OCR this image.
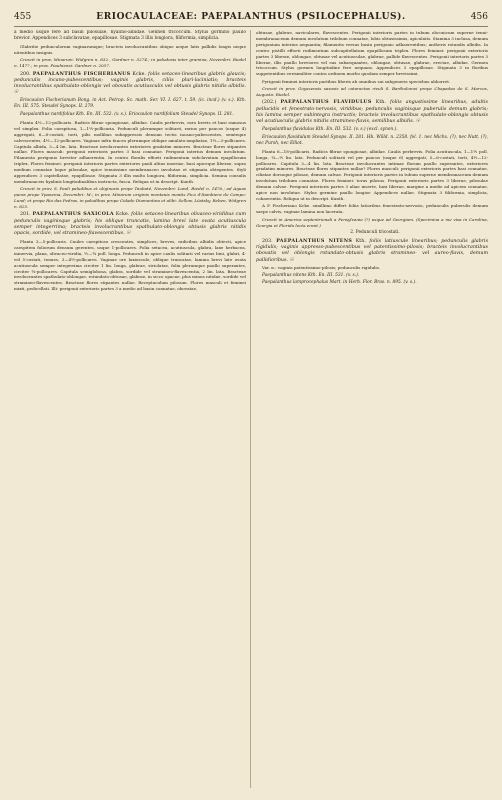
455	ERIOCAULACEAE: PAEPALANTHUS (PSILOCEPHALUS).	456

a medio usque fere ad basin pilosulae, hyalino-albidae. Genhen tricoccum. Stylus gormino pauilo brevior. Appendices 3 subclavatae, epapillosae. Stigmata 3 illis longiora, filiformia, simplicia.

Glabritie pedunculorum vaginarumque; bracteis involucrantibus obique aeque latis pallidis longis neque nitentibus insignis.

Crescit in prov. Minarum: Widgren n. 832., Gardner n. 5274.; in paludosis inter gramina, Novembri: Riedel n. 1477.; in prov. Piauhiensi: Gardner n. 2057.

200. PAEPALANTHUS FISCHERIANUS Kcke. foliis setaceo-linearibus glabris glaucis; pedunculis incano-pubescentibus; vaginis glabris, ciliis pluri-laciniatis; bracteis involucrantibus spathulato-oblongis vel obovatis acutiusculis vel obtusis glabris nitidis albidis. ☉

Eriocaulon Fischerianum Bong. in Act. Petrop. Sc. math. Ser. VI. I. 627. t. 59. (ic. incd.) (v. s.). Kth. En. III. 575. Steudel Synops. II. 279.

Paepalanthus nardifolius Kth. En. III. 532. (v. s.). Eriocaulon nardifolium Steudel Synops. II. 281.

Planta 4½—12-pollicaris. Radicis fibrae spongiosae, albidae. Caulis perbrevis, raro brevis et basi ramosus vel simplex. Folia caespitosa, 1—1½-pollicaria. Pedunculi plerumque solitarii, rarius per paucos (usque 4) aggregati, 6—8-costati, torti, pilis mollibus subappressis densum tectis incano-pubescentes, semteque calvescentes, 4½—12-pollicares. Vaginae infra fauces plerumque oblique amulato-ampliatae, 1½—3-pollicares. Capitula albida, 3—4 lin. lata. Bracteae involucrantes exteriores gradatim minores. Bracteae flores stipantes nullae. Flores masculi: perigonii exterioris partes 3 basi connatae. Perigonii interius demum involutum. Filamenta perigonio breviter adhaerentia. In centro floralis effoeti rudimentum subclavatum epapillosum triplex. Flores feminei: perigonii interioris partes exteriores pauli altius inseriae, basi apiceque liberae, supra medium connatae loque pilosulae, apice tenuissime membranaceo involutae et stigmata obtegentes. Styli appendices 3 capitellatae, epapillosae. Stigmata 3 illis multo longiora, filiformia, simplicia. Semina consulis membranaceis hyalinis longitudinalibus instructa, fusca. Reliqua ut in descript. Kunth.

Crescit in prov. S. Pauli paludibus et uliginosis prope Taubaté, Novembri: Lund, Riedel n. 1476.; ad Aquas puras prope Ypanema, Decembri: M.; in prov. Minarum uriginis montanis montis Pico d'Itambiera do Campo: Lund; et prope Rio das Pedras, in paludibus prope Cidade Diamantina et alibi: Sellow, Lüstsky, Reben, Widgren n. 825.

201. PAEPALANTHUS SAXICOLA Kcke. foliis setaceo-linearibus olivaceo-viridibus cum pedunculis vaginisque glabris; his oblique truncatis, lamina brevi late ovata acutiuscula semper integerrima; bracteis involucrantibus spathulato-oblongis obtusis glabris nitidis opacis, sordide, vel stramineo-flavescentibus. ☉

Planta 3—5-pollicaris. Caules caespitoso crescentes, simplices, breves, radicibus albidis obtecti, apice caespitem foliorum densum gerentes, usque 1-pollicares. Folia setacea, acutiuscula, glabra, laxe herbacea, minervia, plana, olivaceo-viridia, ½—¾ poll. longa. Pedunculi in apice caulis solitarii vel rarius bini, glabri, 4- vel 5-costati, tenues, 3—4½-pollicares. Vaginae ore laxiuscule, oblique truncatae, lamina brevi late ovata acutiuscula semper integerrima circiter 1 lin. longa, glabrae, striolatae, folia plerumque paullo superantes, circiter ¾-pollicares. Capitula semiglobosa, glabra, sordide vel stramineo-flavescentia, 2 lin. lata. Bracteae involucrantes spathulato-oblongae, rotundato-obtusae, glabrae, in sicco opacae, plus minus nitidae, sordide vel stramineo-flavescentes. Bracteae flores stipantes nullae. Receptaculum pilosum. Flores masculi et feminei mixti, pedicellati. Illi: perigonii exterioris partes 3 a medio ad basin connatae, obovatae,

obtusae, glabrae, naviculares, flavescentes. Perigonii interioris partes in tubum obconicum superne tenui-membranaceum demum involutum trilobum connatae, lobis obtusissimis, apiculatis. Stamina 3 inclusa, demum perigonium interius aequantia; filamentis versus basin perigonio adhaerentibus; antheris rotundis albidis. In centro pistilli effoeti rudimentum subcapitellatum epapillosum triplex. Flores feminei: perigonii exterioris partes 3 liberae, oblongae, obtusae vel acutiusculae, glabrae, pallide flavescentes. Perigonii interioris partes 3 liberae, illis paullo breviores vel eas subaequantes, oblongae, obtusae, glabrae, erectae, albidae. Germen tricoccum. Stylus gormen longitudine fere aequans. Appendices 3 epapillosae. Stigmata 3 in floribus suppetentibus verisimiliter contra ordinem morbo quodam semper brevissimi.

Pyrigonii feminei interioris partibus liberis ab omnibus sui subgeneris speciebus abhorret.

Crescit in prov. Goyazensis saxosis ad cataractas rivuli S. Bartholomei prope Chapadao de S. Marcos, Augusto: Riedel.

(202.) PAEPALANTHUS FLAVIDULUS Kth. foliis angustissime linearibus, adultis pellucidis et fenestrato-nervosis, viridibus; pedunculis vaginisque puberulis demum glabris; his lamina semper subintegra instructis; bracteis involucrantibus spathulato-oblongis obtusis vel acutiusculis glabris nitidis stramineo-flavis, semilibus albidis. ☉

Paepalanthus flavidulus Kth. En. III. 532. (v. s.) (excl. synon.).

Eriocaulon flavidulum Steudel Synops. II. 281. Hb. Willd. n. 2358. fol. 1. nec Michx. (?), nec Nutt. (?), nec Pursh, nec Elliot.

Planta 6—18-pollicaris. Radicis fibrae spongiosae, albidae. Caulis perbrevis. Folia acutiuscula, 1—1½ poll. longa, ¼—½ lin. lata. Pedunculi solitarii vel per paucos (usque 6) aggregati, 5—6-costati, torti, 4½—12-pollicares. Capitula 3—4 lin. lata. Bracteae involucrantes intimae florum paullo superantes, exteriores gradatim minores. Bracteae flores stipantes nullae? Flores masculi: perigonii exterioris partes basi connatae, ciliatae dorsoque pilosae, demum calvae. Perigonii interioris partes in tubum superne membranaceum demum involutum trilobum connatae. Flores feminei: torus pilosus. Perigonii exterioris partes 3 liberae, pilosulae demum calvae. Perigonii interioris partes 3 aliae inserte, basi liberae, margine a medio ad apicem connatae, apice non involutae. Stylus germine paullo longior. Appendices nullae. Stigmata 3 filiformia, simplicia, cohaerentia. Reliqua ut in descript. Kunth.

A P. Fischeriano Kcke. simillimo differt foliis latioribus fenestrato-nervosis, pedunculis puberulis demum saepe calvis, vaginae lamina non lacerata.

Crescit in America septentrionali a Pensylvania (?) usque ad Georgiam. (Specimina a me visa in Carolina, Georgia et Florida lecta erant.)

2. Pedunculi tricostati.

203. PAEPALANTHUS NITENS Kth. foliis latiuscule linearibus; pedunculis glabris rigidulis; vaginis appresso-pubescentibus vel patentissimo-pilosis; bracteis involucrantibus obovatis vel oblongis rotundato-obtusis glabris stramineo- vel aureo-flavis, demum pallidioribus. ☉

Var. α.: vaginis patentissimo-pilosis; pedunculis rigidulis.

Paepalanthus nitens Kth. En. III. 531. (v. s.).

Paepalanthus lamprocephalus Mart. in Herb. Flor. Bras. n. 895. (v. s.).
